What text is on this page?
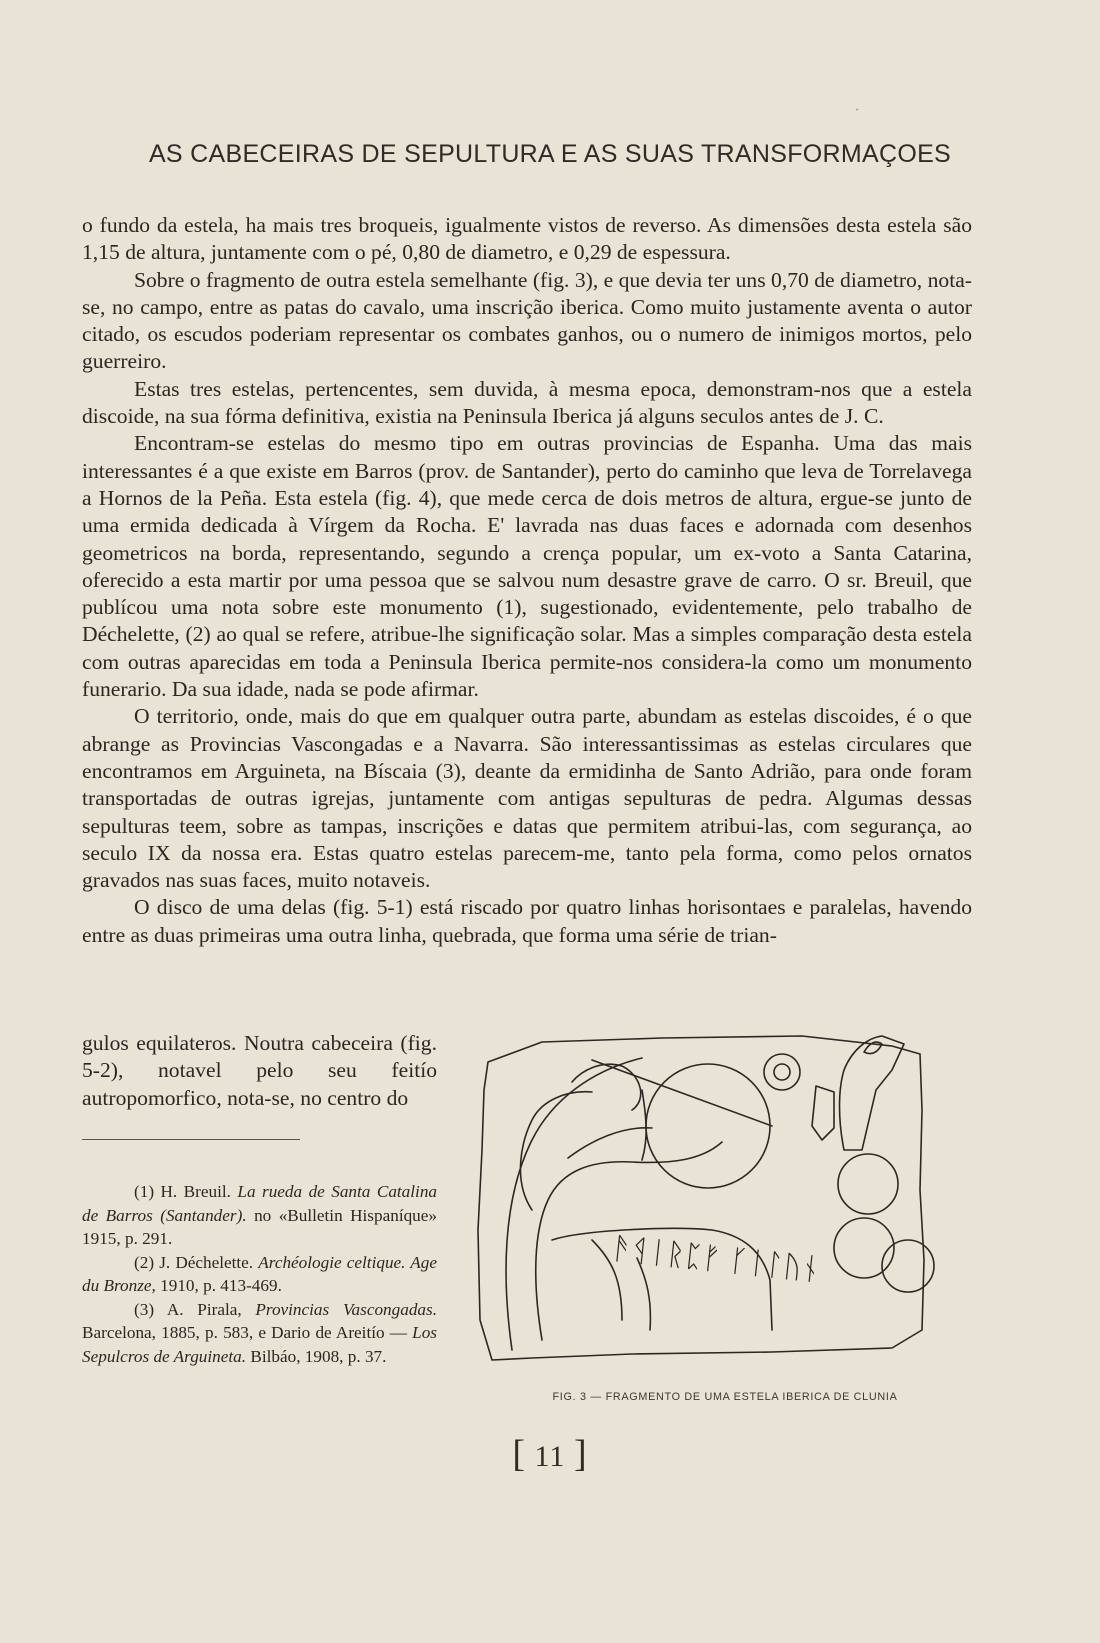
´
AS CABECEIRAS DE SEPULTURA E AS SUAS TRANSFORMAÇOES

o fundo da estela, ha mais tres broqueis, igualmente vistos de reverso. As dimensões desta estela são 1,15 de altura, juntamente com o pé, 0,80 de diametro, e 0,29 de espessura.

Sobre o fragmento de outra estela semelhante (fig. 3), e que devia ter uns 0,70 de diametro, nota-se, no campo, entre as patas do cavalo, uma inscrição iberica. Como muito justamente aventa o autor citado, os escudos poderiam representar os combates ganhos, ou o numero de inimigos mortos, pelo guerreiro.

Estas tres estelas, pertencentes, sem duvida, à mesma epoca, demonstram-nos que a estela discoide, na sua fórma definitiva, existia na Peninsula Iberica já alguns seculos antes de J. C.

Encontram-se estelas do mesmo tipo em outras provincias de Espanha. Uma das mais interessantes é a que existe em Barros (prov. de Santander), perto do caminho que leva de Torrelavega a Hornos de la Peña. Esta estela (fig. 4), que mede cerca de dois metros de altura, ergue-se junto de uma ermida dedicada à Vírgem da Rocha. E' lavrada nas duas faces e adornada com desenhos geometricos na borda, representando, segundo a crença popular, um ex-voto a Santa Catarina, oferecido a esta martir por uma pessoa que se salvou num desastre grave de carro. O sr. Breuil, que publícou uma nota sobre este monumento (1), sugestionado, evidentemente, pelo trabalho de Déchelette, (2) ao qual se refere, atribue-lhe significação solar. Mas a simples comparação desta estela com outras aparecidas em toda a Peninsula Iberica permite-nos considera-la como um monumento funerario. Da sua idade, nada se pode afirmar.

O territorio, onde, mais do que em qualquer outra parte, abundam as estelas discoides, é o que abrange as Provincias Vascongadas e a Navarra. São interessantissimas as estelas circulares que encontramos em Arguineta, na Bíscaia (3), deante da ermidinha de Santo Adrião, para onde foram transportadas de outras igrejas, juntamente com antigas sepulturas de pedra. Algumas dessas sepulturas teem, sobre as tampas, inscrições e datas que permitem atribui-las, com segurança, ao seculo IX da nossa era. Estas quatro estelas parecem-me, tanto pela forma, como pelos ornatos gravados nas suas faces, muito notaveis.

O disco de uma delas (fig. 5-1) está riscado por quatro linhas horisontaes e paralelas, havendo entre as duas primeiras uma outra linha, quebrada, que forma uma série de trian-

gulos equilateros. Noutra cabeceira (fig. 5-2), notavel pelo seu feitío autropomorfico, nota-se, no centro do

(1) H. Breuil. La rueda de Santa Catalina de Barros (Santander). no «Bulletin Hispaníque» 1915, p. 291.

(2) J. Déchelette. Archéologie celtique. Age du Bronze, 1910, p. 413-469.

(3) A. Pirala, Provincias Vascongadas. Barcelona, 1885, p. 583, e Dario de Areitío — Los Sepulcros de Arguineta. Bilbáo, 1908, p. 37.

ᚫᛩᛁᚱᛈᚠ ᚴᛁᛚᚢᚾ
FIG. 3 — FRAGMENTO DE UMA ESTELA IBERICA DE CLUNIA
[ 11 ]
